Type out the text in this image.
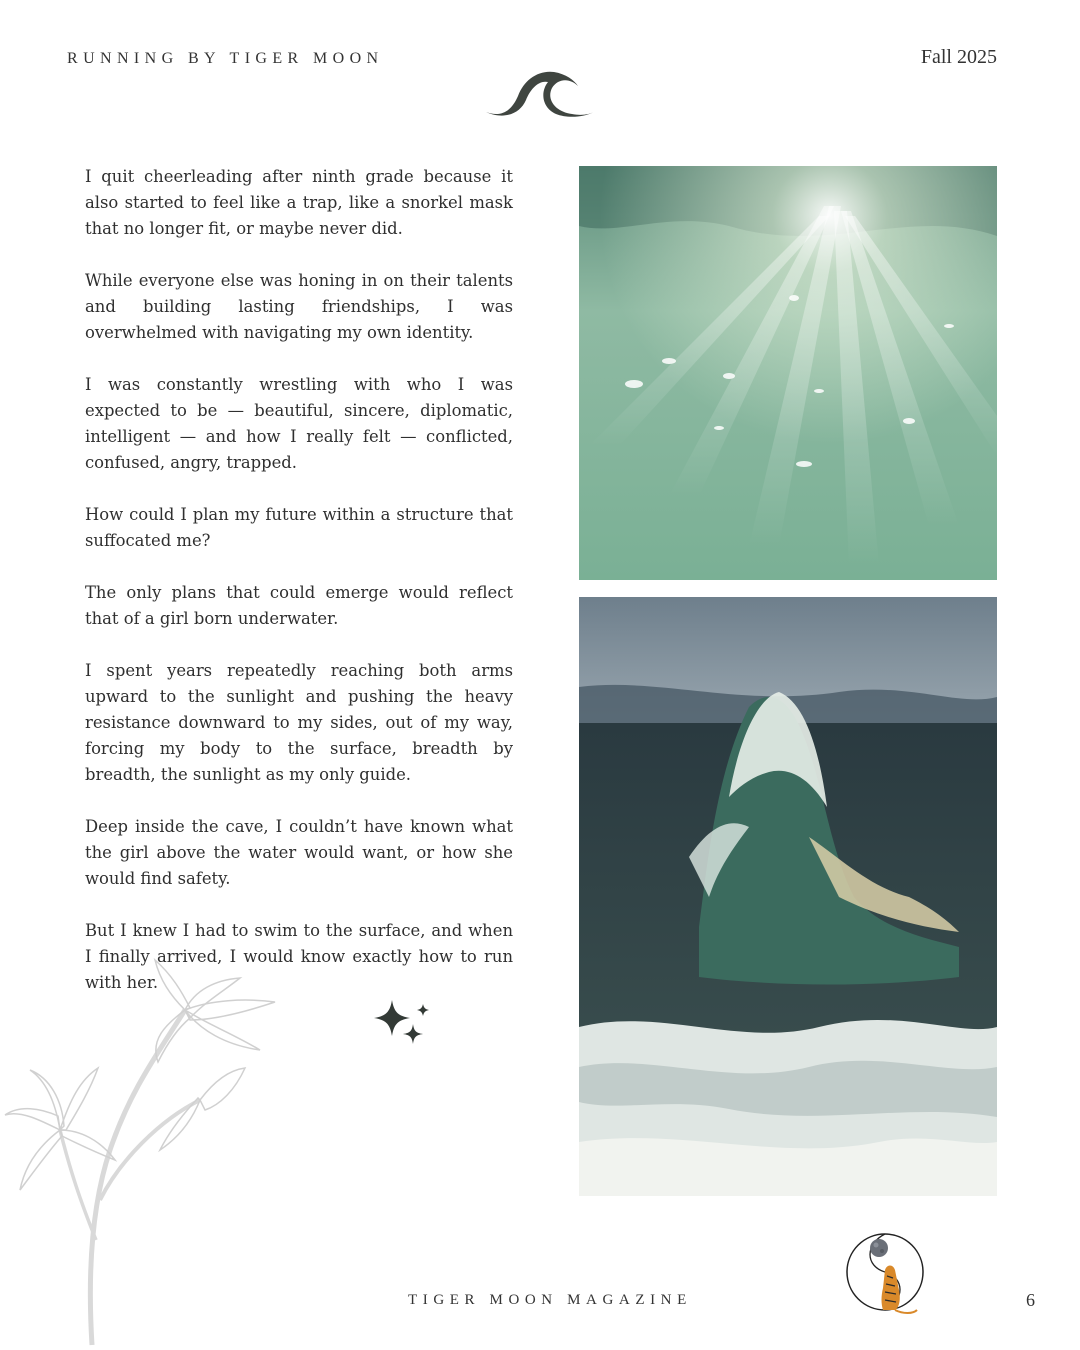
RUNNING BY TIGER MOON	Fall 2025

I quit cheerleading after ninth grade because it also started to feel like a trap, like a snorkel mask that no longer fit, or maybe never did.

While everyone else was honing in on their talents and building lasting friendships, I was overwhelmed with navigating my own identity.

I was constantly wrestling with who I was expected to be — beautiful, sincere, diplomatic, intelligent — and how I really felt — conflicted, confused, angry, trapped.

How could I plan my future within a structure that suffocated me?

The only plans that could emerge would reflect that of a girl born underwater.

I spent years repeatedly reaching both arms upward to the sunlight and pushing the heavy resistance downward to my sides, out of my way, forcing my body to the surface, breadth by breadth, the sunlight as my only guide.

Deep inside the cave, I couldn’t have known what the girl above the water would want, or how she would find safety.

But I knew I had to swim to the surface, and when I finally arrived, I would know exactly how to run with her.

TIGER MOON MAGAZINE	6
